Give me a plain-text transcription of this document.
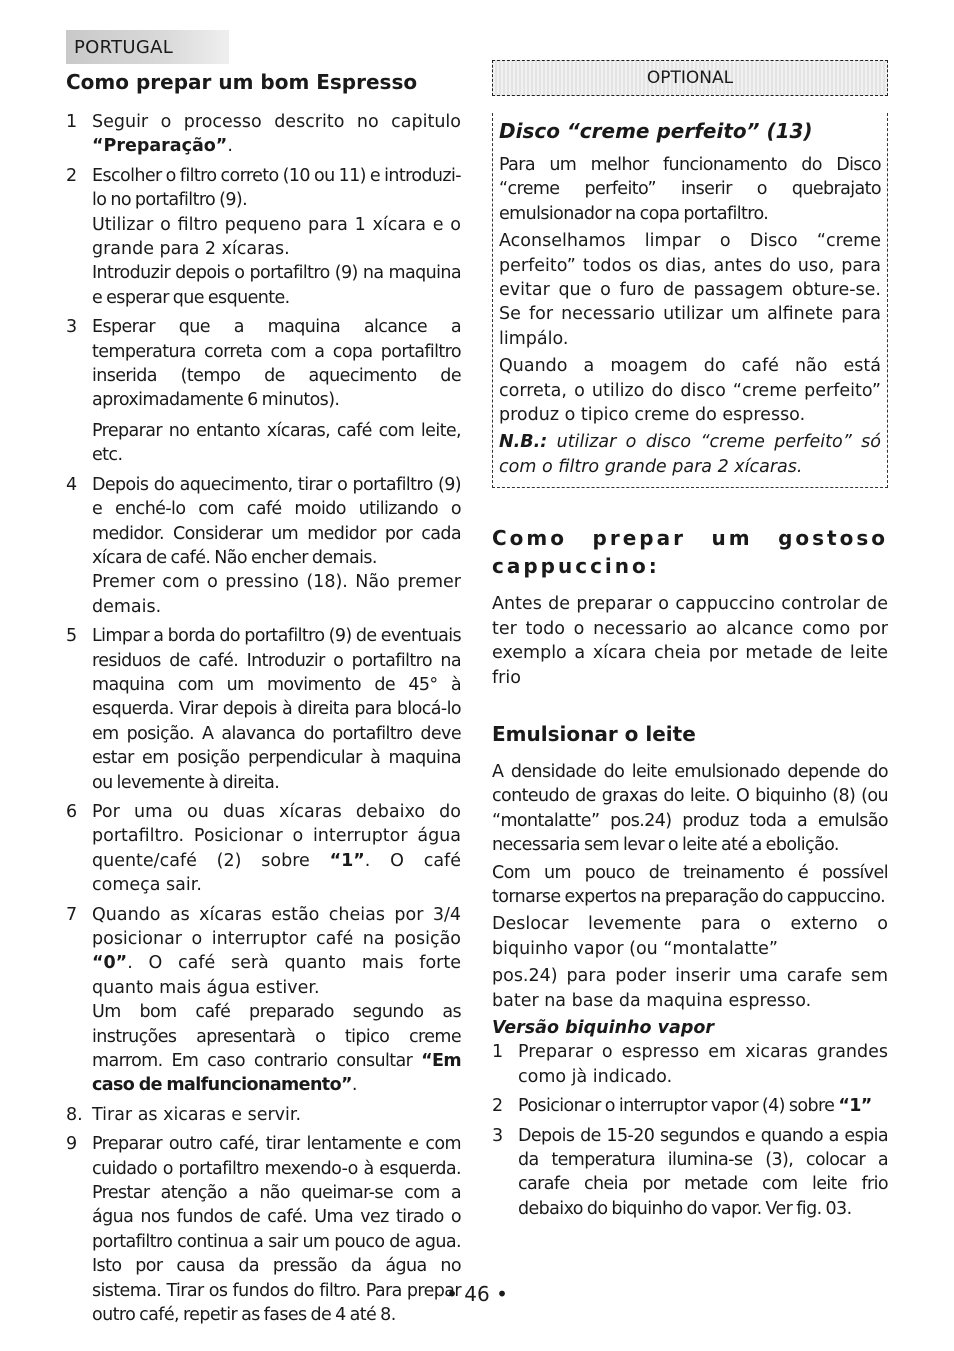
PORTUGAL
Como prepar um bom Espresso
1 Seguir o processo descrito no capitulo “Preparação”.

2 Escolher o filtro correto (10 ou 11) e introduzi-lo no portafiltro (9).

Utilizar o filtro pequeno para 1 xícara e o grande para 2 xícaras.

Introduzir depois o portafiltro (9) na maquina e esperar que esquente.

3 Esperar que a maquina alcance a temperatura correta com a copa portafiltro inserida (tempo de aquecimento de aproximadamente 6 minutos).

Preparar no entanto xícaras, café com leite, etc.

4 Depois do aquecimento, tirar o portafiltro (9) e enché-lo com café moido utilizando o medidor. Considerar um medidor por cada xícara de café. Não encher demais.

Premer com o pressino (18). Não premer demais.

5 Limpar a borda do portafiltro (9) de eventuais residuos de café. Introduzir o portafiltro na maquina com um movimento de 45° à esquerda. Virar depois à direita para blocá-lo em posição. A alavanca do portafiltro deve estar em posição perpendicular à maquina ou levemente à direita.

6 Por uma ou duas xícaras debaixo do portafiltro. Posicionar o interruptor água quente/café (2) sobre “1”. O café começa sair.

7 Quando as xícaras estão cheias por 3/4 posicionar o interruptor café na posição “0”. O café serà quanto mais forte quanto mais água estiver.

Um bom café preparado segundo as instruções apresentarà o tipico creme marrom. Em caso contrario consultar “Em caso de malfuncionamento”.

8. Tirar as xicaras e servir.

9 Preparar outro café, tirar lentamente e com cuidado o portafiltro mexendo-o à esquerda. Prestar atenção a não queimar-se com a água nos fundos de café. Uma vez tirado o portafiltro continua a sair um pouco de agua. Isto por causa da pressão da água no sistema. Tirar os fundos do filtro. Para prepar outro café, repetir as fases de 4 até 8.

OPTIONAL
Disco “creme perfeito” (13)

Para um melhor funcionamento do Disco “creme perfeito” inserir o quebrajato emulsionador na copa portafiltro.

Aconselhamos limpar o Disco “creme perfeito” todos os dias, antes do uso, para evitar que o furo de passagem obture-se. Se for necessario utilizar um alfinete para limpálo.

Quando a moagem do café não está correta, o utilizo do disco “creme perfeito” produz o tipico creme do espresso.

N.B.: utilizar o disco “creme perfeito” só com o filtro grande para 2 xícaras.

Como prepar um gostoso cappuccino:

Antes de preparar o cappuccino controlar de ter todo o necessario ao alcance como por exemplo a xícara cheia por metade de leite frio

Emulsionar o leite

A densidade do leite emulsionado depende do conteudo de graxas do leite. O biquinho (8) (ou “montalatte” pos.24) produz toda a emulsão necessaria sem levar o leite até a ebolição.

Com um pouco de treinamento é possível tornarse expertos na preparação do cappuccino.

Deslocar levemente para o externo o biquinho vapor (ou “montalatte”

pos.24) para poder inserir uma carafe sem bater na base da maquina espresso.

Versão biquinho vapor

1 Preparar o espresso em xicaras grandes como jà indicado.

2 Posicionar o interruptor vapor (4) sobre “1”

3 Depois de 15-20 segundos e quando a espia da temperatura ilumina-se (3), colocar a carafe cheia por metade com leite frio debaixo do biquinho do vapor. Ver fig. 03.

• 46 •
